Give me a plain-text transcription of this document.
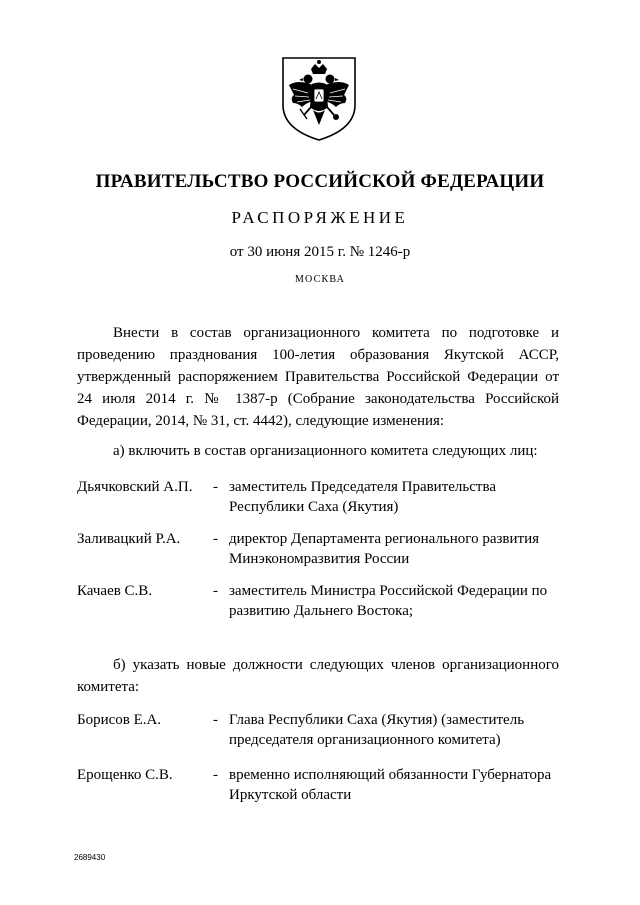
ПРАВИТЕЛЬСТВО РОССИЙСКОЙ ФЕДЕРАЦИИ
РАСПОРЯЖЕНИЕ
от 30 июня 2015 г. № 1246-р
МОСКВА
Внести в состав организационного комитета по подготовке и проведению празднования 100-летия образования Якутской АССР, утвержденный распоряжением Правительства Российской Федерации от 24 июля 2014 г. № 1387-р (Собрание законодательства Российской Федерации, 2014, № 31, ст. 4442), следующие изменения:
а) включить в состав организационного комитета следующих лиц:
Дьячковский А.П.	- заместитель Председателя Правительства Республики Саха (Якутия)
Заливацкий Р.А.	- директор Департамента регионального развития Минэкономразвития России
Качаев С.В.	- заместитель Министра Российской Федерации по развитию Дальнего Востока;
б) указать новые должности следующих членов организационного комитета:
Борисов Е.А.	- Глава Республики Саха (Якутия) (заместитель председателя организационного комитета)
Ерощенко С.В.	- временно исполняющий обязанности Губернатора Иркутской области
2689430
